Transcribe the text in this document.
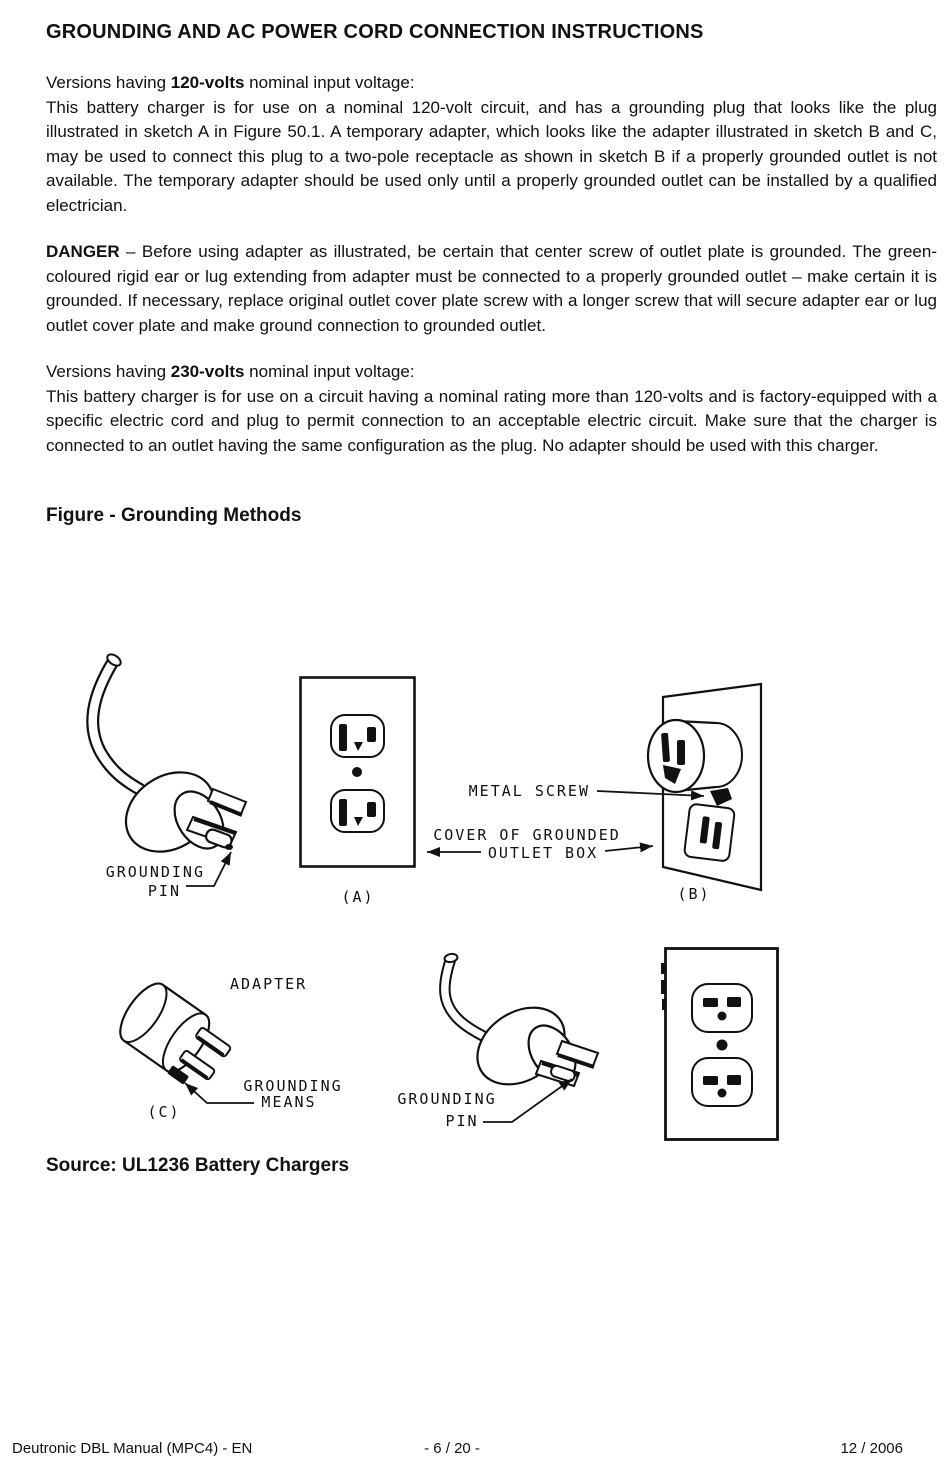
GROUNDING AND AC POWER CORD CONNECTION INSTRUCTIONS
Versions having 120-volts nominal input voltage:
This battery charger is for use on a nominal 120-volt circuit, and has a grounding plug that looks like the plug illustrated in sketch A in Figure 50.1. A temporary adapter, which looks like the adapter illustrated in sketch B and C, may be used to connect this plug to a two-pole receptacle as shown in sketch B if a properly grounded outlet is not available. The temporary adapter should be used only until a properly grounded outlet can be installed by a qualified electrician.
DANGER – Before using adapter as illustrated, be certain that center screw of outlet plate is grounded. The green-coloured rigid ear or lug extending from adapter must be connected to a properly grounded outlet – make certain it is grounded. If necessary, replace original outlet cover plate screw with a longer screw that will secure adapter ear or lug outlet cover plate and make ground connection to grounded outlet.
Versions having 230-volts nominal input voltage:
This battery charger is for use on a circuit having a nominal rating more than 120-volts and is factory-equipped with a specific electric cord and plug to permit connection to an acceptable electric circuit. Make sure that the charger is connected to an outlet having the same configuration as the plug. No adapter should be used with this charger.
Figure - Grounding Methods
GROUNDING
PIN	(A)	(B)
METAL SCREW
COVER OF GROUNDED
OUTLET BOX
ADAPTER
(C)
GROUNDING
MEANS	GROUNDING
PIN
Source: UL1236 Battery Chargers
Deutronic DBL Manual (MPC4) - EN	- 6 / 20 -	12 / 2006
